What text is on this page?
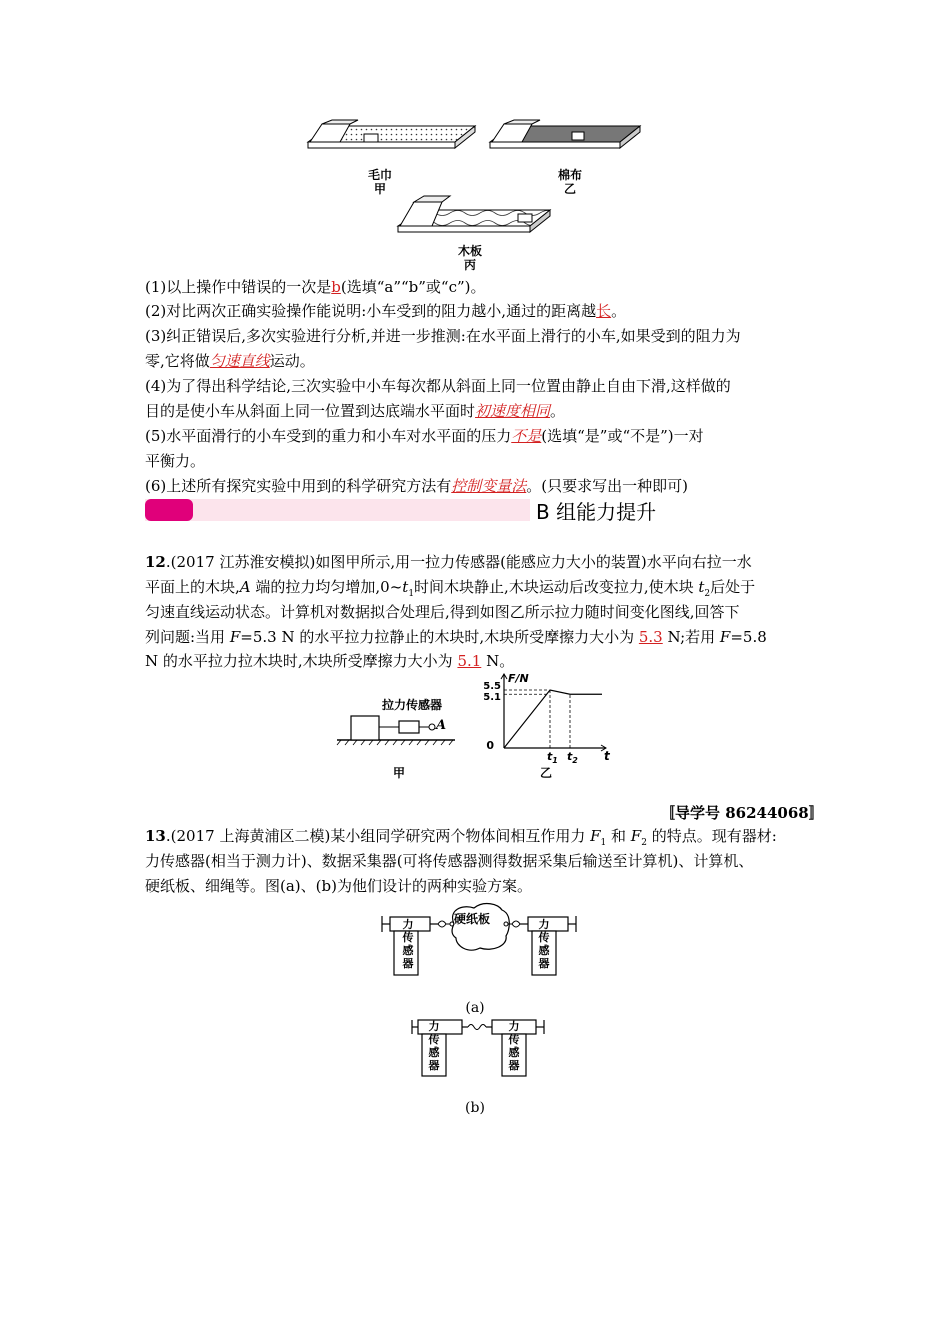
毛巾
甲
棉布
乙
木板
丙
(1)以上操作中错误的一次是b(选填“a”“b”或“c”)。
(2)对比两次正确实验操作能说明:小车受到的阻力越小,通过的距离越长。
(3)纠正错误后,多次实验进行分析,并进一步推测:在水平面上滑行的小车,如果受到的阻力为
零,它将做匀速直线运动。
(4)为了得出科学结论,三次实验中小车每次都从斜面上同一位置由静止自由下滑,这样做的
目的是使小车从斜面上同一位置到达底端水平面时初速度相同。
(5)水平面滑行的小车受到的重力和小车对水平面的压力不是(选填“是”或“不是”)一对
平衡力。
(6)上述所有探究实验中用到的科学研究方法有控制变量法。(只要求写出一种即可)
B 组能力提升
12.(2017 江苏淮安模拟)如图甲所示,用一拉力传感器(能感应力大小的装置)水平向右拉一水
平面上的木块,A 端的拉力均匀增加$,0\sim t_1$时间木块静止,木块运动后改变拉力,使木块 $t_2$后处于
匀速直线运动状态。计算机对数据拟合处理后,得到如图乙所示拉力随时间变化图线,回答下
列问题:当用 F=5.3 N 的水平拉力拉静止的木块时,木块所受摩擦力大小为 5.3 N;若用 F=5.8
N 的水平拉力拉木块时,木块所受摩擦力大小为 5.1 N。
拉力传感器
A
甲
F/N
t
0
5.5
5.1
$t_1$ $t_2$
乙
〚导学号 86244068〛
13.(2017 上海黄浦区二模)某小组同学研究两个物体间相互作用力 $F_1$ 和 $F_2$ 的特点。现有器材:
力传感器(相当于测力计)、数据采集器(可将传感器测得数据采集后输送至计算机)、计算机、
硬纸板、细绳等。图(a)、(b)为他们设计的两种实验方案。
硬纸板
力
传
感
器
力
传
感
器
(a)
力
传
感
器
力
传
感
器
(b)
